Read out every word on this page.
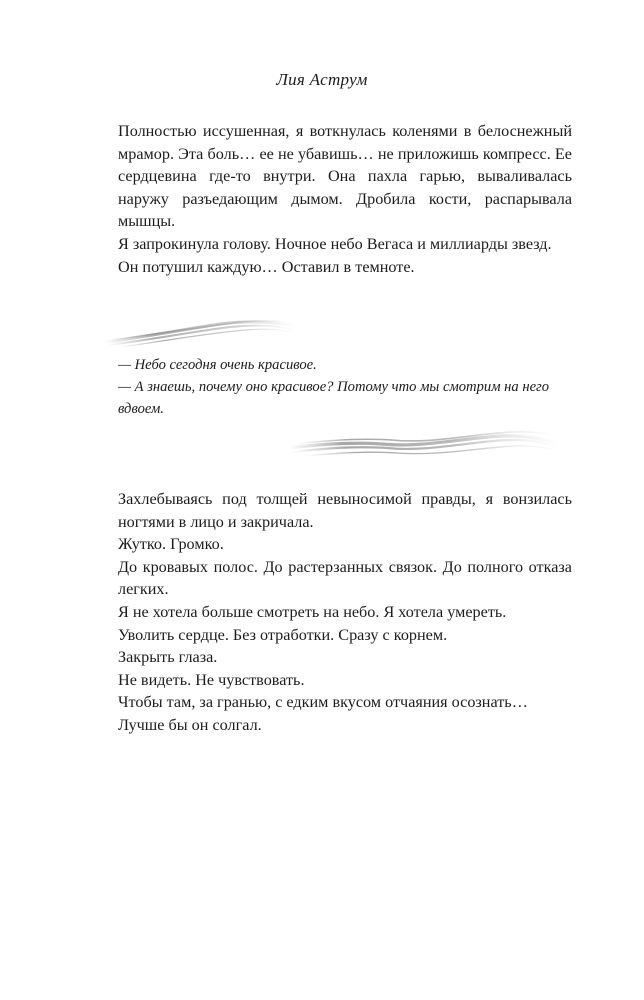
Лия Аструм

Полностью иссушенная, я воткнулась коленями в белоснежный мрамор. Эта боль… ее не убавишь… не приложишь компресс. Ее сердцевина где-то внутри. Она пахла гарью, вываливалась наружу разъедающим дымом. Дробила кости, распарывала мышцы.

Я запрокинула голову. Ночное небо Вегаса и миллиарды звезд.

Он потушил каждую… Оставил в темноте.

— Небо сегодня очень красивое.

— А знаешь, почему оно красивое? Потому что мы смотрим на него вдвоем.

Захлебываясь под толщей невыносимой правды, я вонзилась ногтями в лицо и закричала.

Жутко. Громко.

До кровавых полос. До растерзанных связок. До полного отказа легких.

Я не хотела больше смотреть на небо. Я хотела умереть.

Уволить сердце. Без отработки. Сразу с корнем.

Закрыть глаза.

Не видеть. Не чувствовать.

Чтобы там, за гранью, с едким вкусом отчаяния осознать…

Лучше бы он солгал.
